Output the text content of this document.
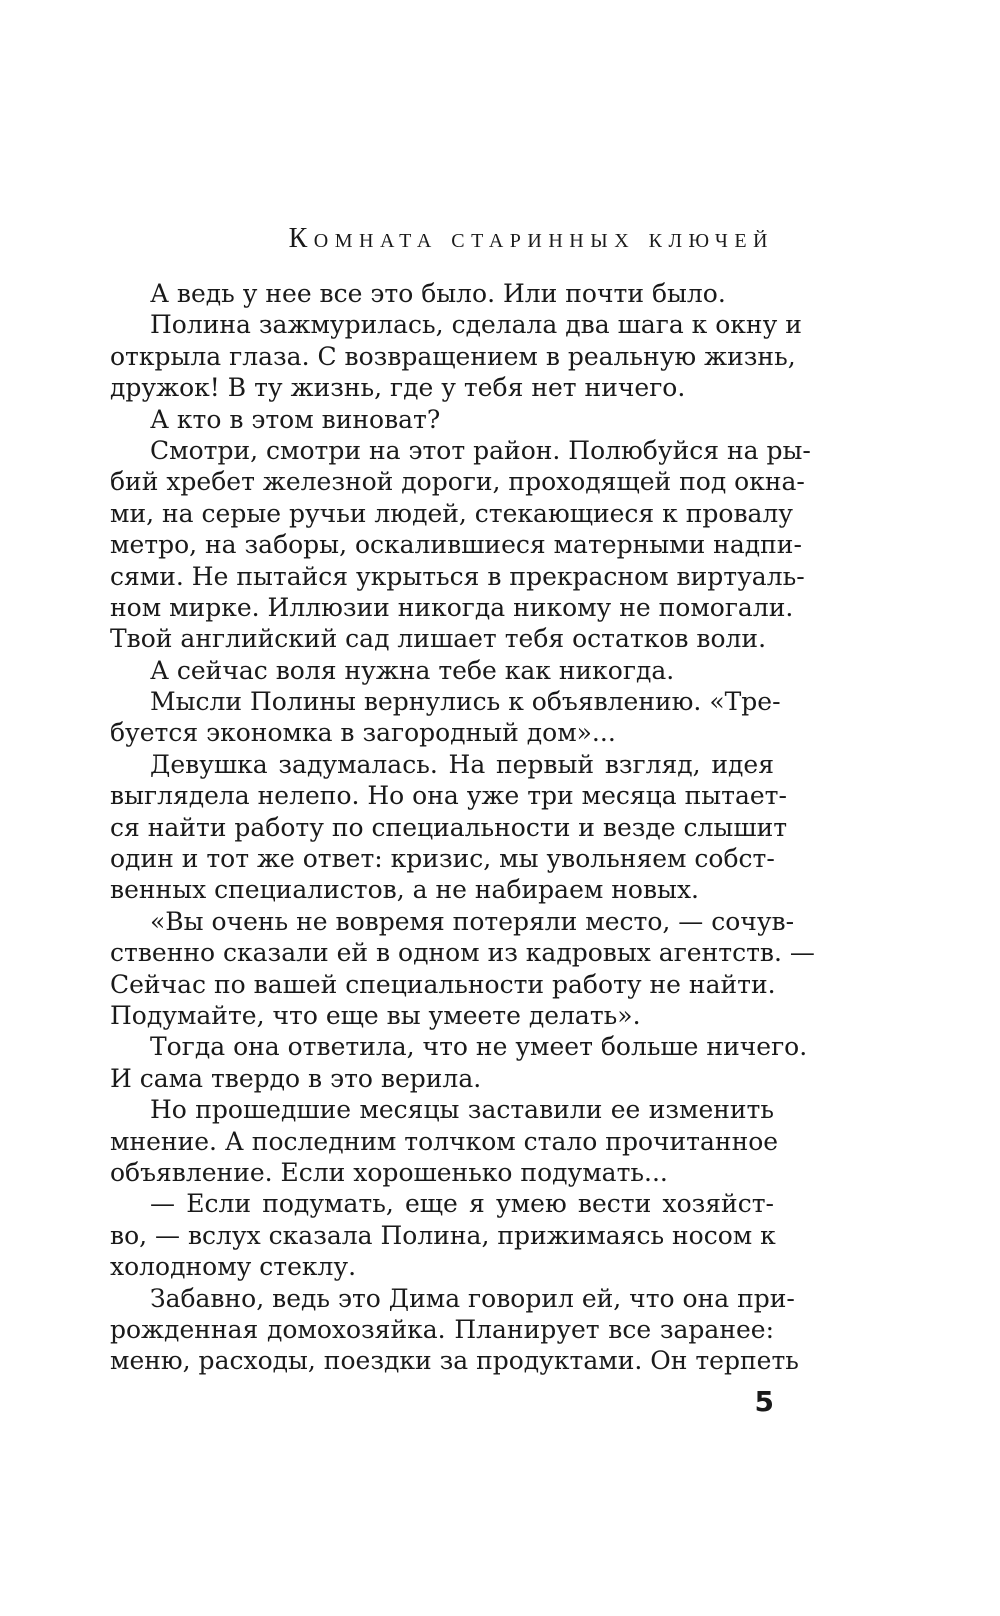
Комната старинных ключей
А ведь у нее все это было. Или почти было.
Полина зажмурилась, сделала два шага к окну и
открыла глаза. С возвращением в реальную жизнь,
дружок! В ту жизнь, где у тебя нет ничего.
А кто в этом виноват?
Смотри, смотри на этот район. Полюбуйся на ры-
бий хребет железной дороги, проходящей под окна-
ми, на серые ручьи людей, стекающиеся к провалу
метро, на заборы, оскалившиеся матерными надпи-
сями. Не пытайся укрыться в прекрасном виртуаль-
ном мирке. Иллюзии никогда никому не помогали.
Твой английский сад лишает тебя остатков воли.
А сейчас воля нужна тебе как никогда.
Мысли Полины вернулись к объявлению. «Тре-
буется экономка в загородный дом»...
Девушка задумалась. На первый взгляд, идея
выглядела нелепо. Но она уже три месяца пытает-
ся найти работу по специальности и везде слышит
один и тот же ответ: кризис, мы увольняем собст-
венных специалистов, а не набираем новых.
«Вы очень не вовремя потеряли место, — сочув-
ственно сказали ей в одном из кадровых агентств. —
Сейчас по вашей специальности работу не найти.
Подумайте, что еще вы умеете делать».
Тогда она ответила, что не умеет больше ничего.
И сама твердо в это верила.
Но прошедшие месяцы заставили ее изменить
мнение. А последним толчком стало прочитанное
объявление. Если хорошенько подумать...
— Если подумать, еще я умею вести хозяйст-
во, — вслух сказала Полина, прижимаясь носом к
холодному стеклу.
Забавно, ведь это Дима говорил ей, что она при-
рожденная домохозяйка. Планирует все заранее:
меню, расходы, поездки за продуктами. Он терпеть
5
